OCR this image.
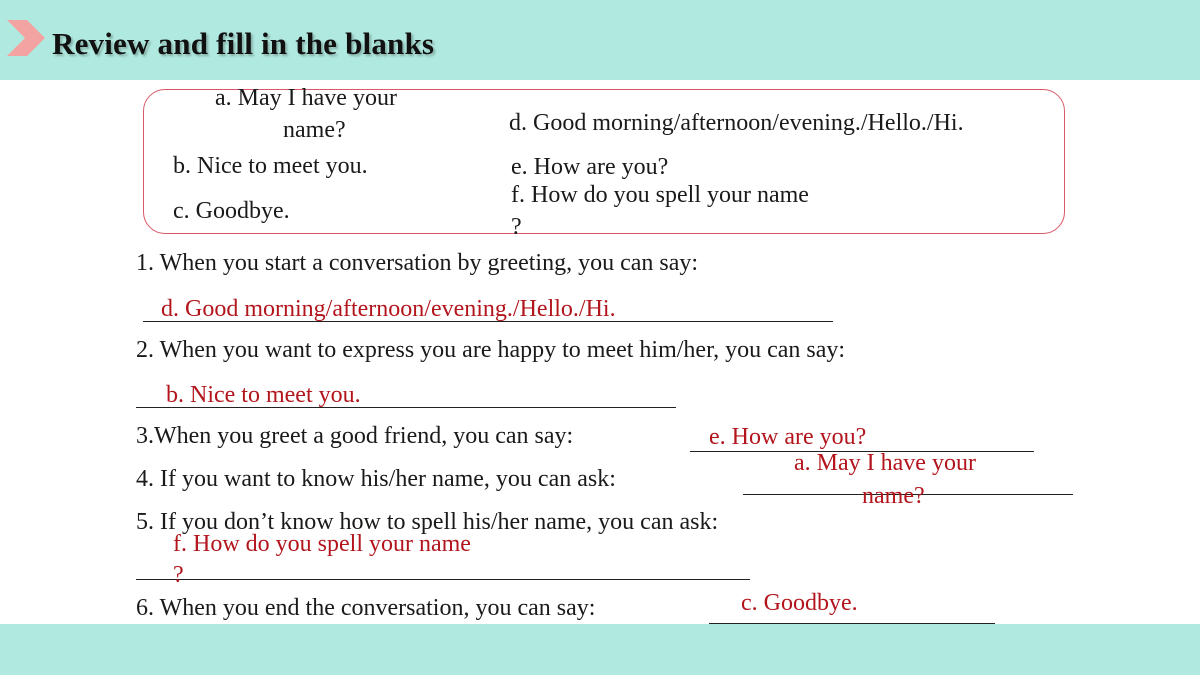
Review and fill in the blanks
a. May I have your
name?
b. Nice to meet you.
c. Goodbye.
d. Good morning/afternoon/evening./Hello./Hi.
e. How are you?
f. How do you spell your name
?
1. When you start a conversation by greeting, you can say:
d. Good morning/afternoon/evening./Hello./Hi.
2. When you want to express you are happy to meet him/her, you can say:
b. Nice to meet you.
3.When you greet a good friend, you can say:	e. How are you?
4. If you want to know his/her name, you can ask:
a. May I have your
name?
5. If you don’t know how to spell his/her name, you can ask:
f. How do you spell your name
?
6. When you end the conversation, you can say:	c. Goodbye.
